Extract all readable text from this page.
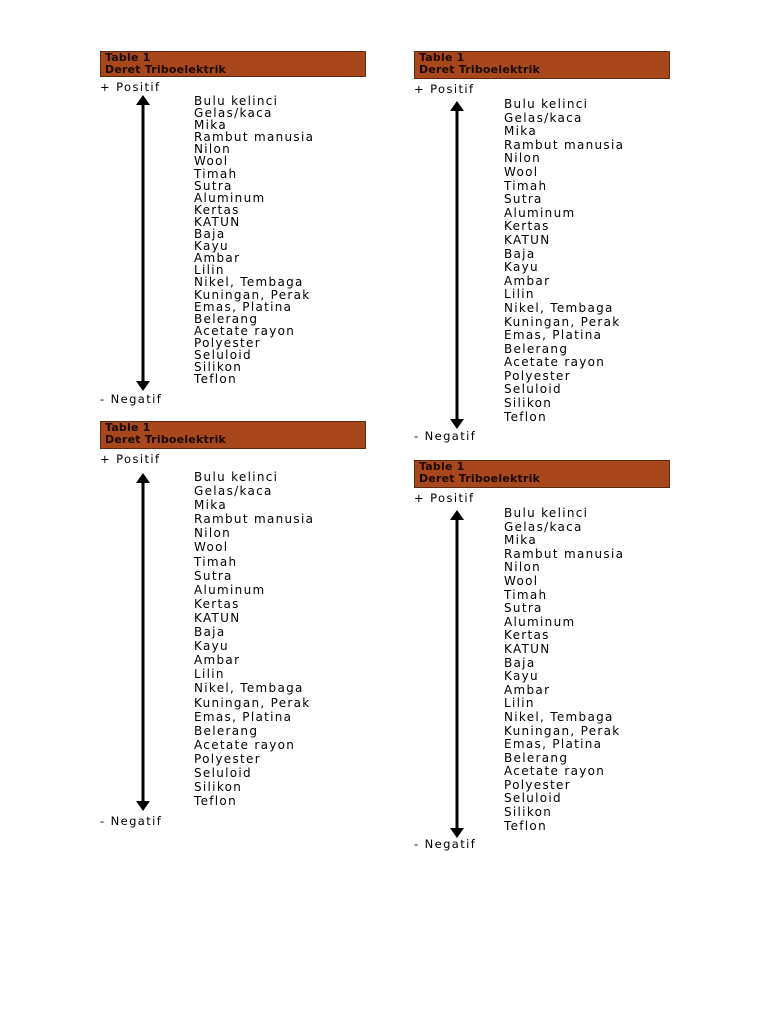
Table 1
Deret Triboelektrik
+ Positif
Bulu kelinci
Gelas/kaca
Mika
Rambut manusia
Nilon
Wool
Timah
Sutra
Aluminum
Kertas
KATUN
Baja
Kayu
Ambar
Lilin
Nikel, Tembaga
Kuningan, Perak
Emas, Platina
Belerang
Acetate rayon
Polyester
Seluloid
Silikon
Teflon
- Negatif
Table 1
Deret Triboelektrik
+ Positif
Bulu kelinci
Gelas/kaca
Mika
Rambut manusia
Nilon
Wool
Timah
Sutra
Aluminum
Kertas
KATUN
Baja
Kayu
Ambar
Lilin
Nikel, Tembaga
Kuningan, Perak
Emas, Platina
Belerang
Acetate rayon
Polyester
Seluloid
Silikon
Teflon
- Negatif
Table 1
Deret Triboelektrik
+ Positif
Bulu kelinci
Gelas/kaca
Mika
Rambut manusia
Nilon
Wool
Timah
Sutra
Aluminum
Kertas
KATUN
Baja
Kayu
Ambar
Lilin
Nikel, Tembaga
Kuningan, Perak
Emas, Platina
Belerang
Acetate rayon
Polyester
Seluloid
Silikon
Teflon
- Negatif
Table 1
Deret Triboelektrik
+ Positif
Bulu kelinci
Gelas/kaca
Mika
Rambut manusia
Nilon
Wool
Timah
Sutra
Aluminum
Kertas
KATUN
Baja
Kayu
Ambar
Lilin
Nikel, Tembaga
Kuningan, Perak
Emas, Platina
Belerang
Acetate rayon
Polyester
Seluloid
Silikon
Teflon
- Negatif
